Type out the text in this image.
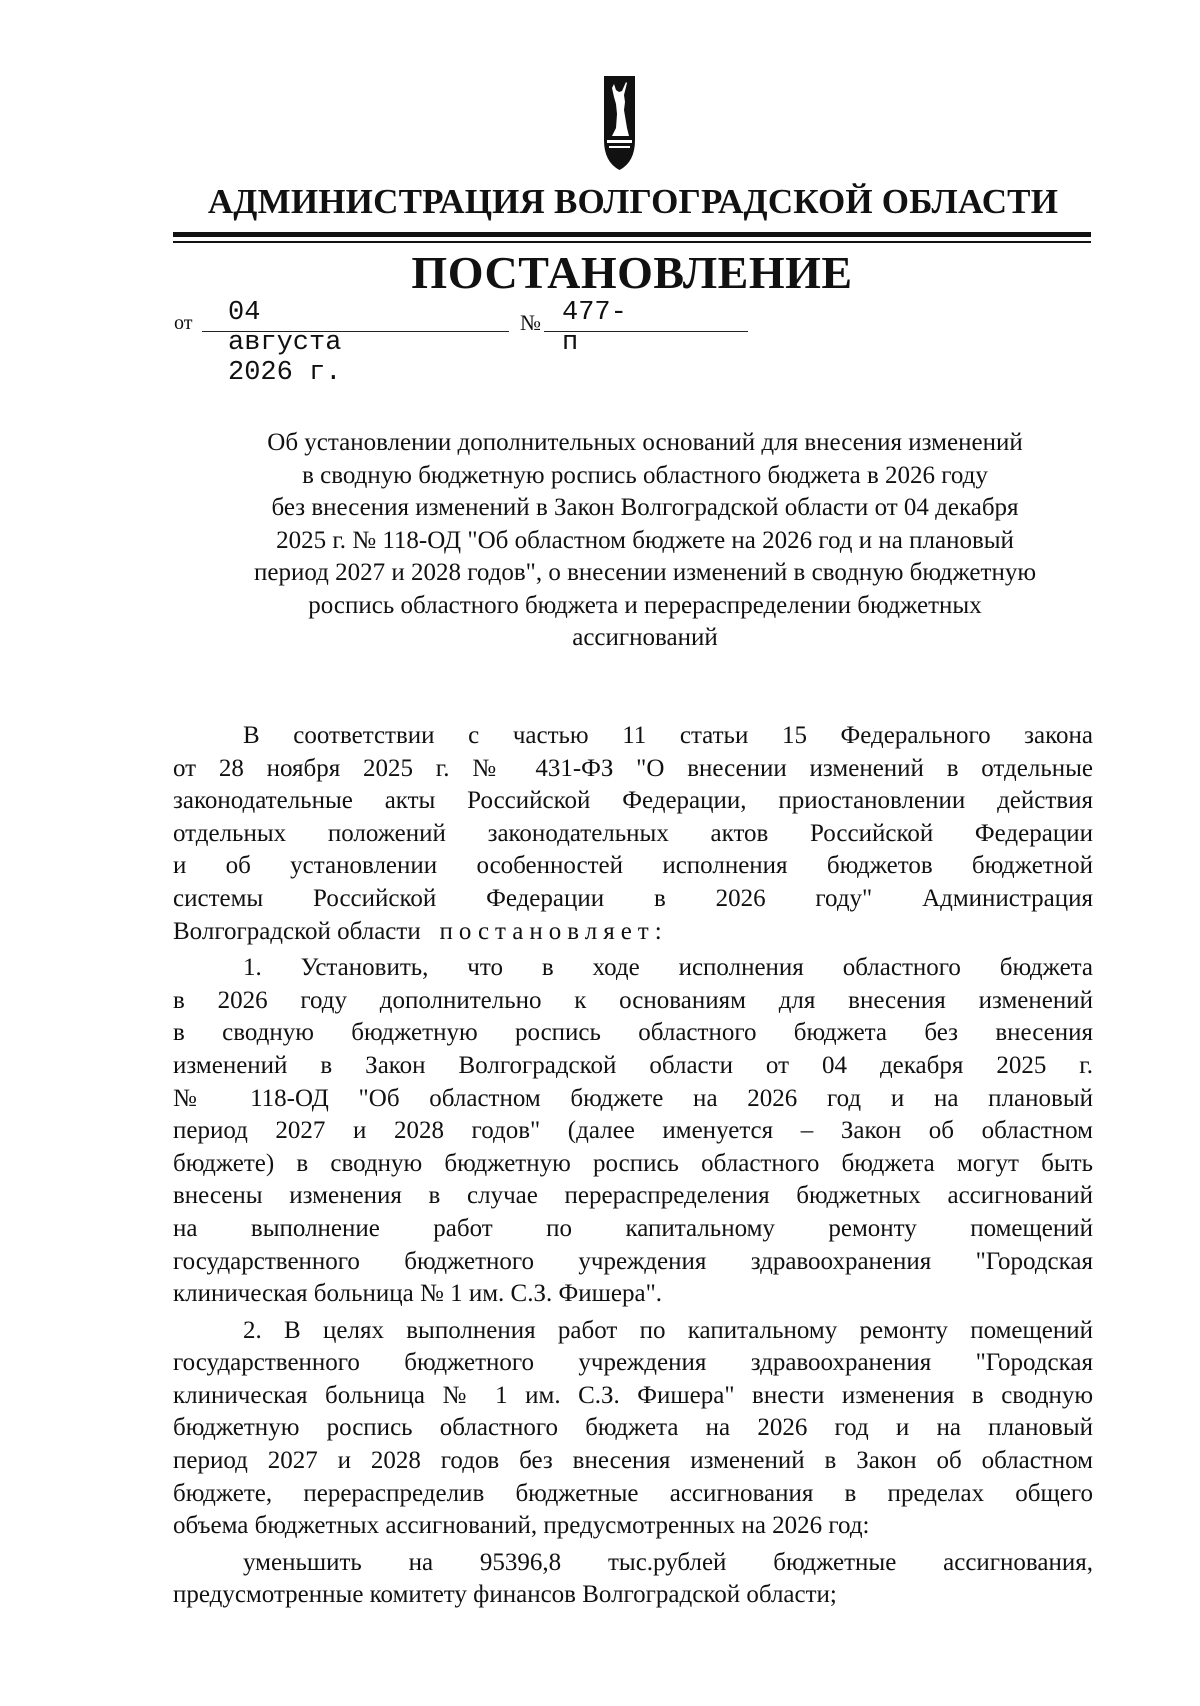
АДМИНИСТРАЦИЯ ВОЛГОГРАДСКОЙ ОБЛАСТИ
ПОСТАНОВЛЕНИЕ
от 04 августа 2026 г.
№ 477-п
Об установлении дополнительных оснований для внесения изменений
в сводную бюджетную роспись областного бюджета в 2026 году
без внесения изменений в Закон Волгоградской области от 04 декабря
2025 г. № 118-ОД "Об областном бюджете на 2026 год и на плановый
период 2027 и 2028 годов", о внесении изменений в сводную бюджетную
роспись областного бюджета и перераспределении бюджетных
ассигнований
В соответствии с частью 11 статьи 15 Федерального закона
от 28 ноября 2025 г. № 431-ФЗ "О внесении изменений в отдельные
законодательные акты Российской Федерации, приостановлении действия
отдельных положений законодательных актов Российской Федерации
и об установлении особенностей исполнения бюджетов бюджетной
системы Российской Федерации в 2026 году" Администрация
Волгоградской области постановляет:
1. Установить, что в ходе исполнения областного бюджета
в 2026 году дополнительно к основаниям для внесения изменений
в сводную бюджетную роспись областного бюджета без внесения
изменений в Закон Волгоградской области от 04 декабря 2025 г.
№ 118-ОД "Об областном бюджете на 2026 год и на плановый
период 2027 и 2028 годов" (далее именуется – Закон об областном
бюджете) в сводную бюджетную роспись областного бюджета могут быть
внесены изменения в случае перераспределения бюджетных ассигнований
на выполнение работ по капитальному ремонту помещений
государственного бюджетного учреждения здравоохранения "Городская
клиническая больница № 1 им. С.З. Фишера".
2. В целях выполнения работ по капитальному ремонту помещений
государственного бюджетного учреждения здравоохранения "Городская
клиническая больница № 1 им. С.З. Фишера" внести изменения в сводную
бюджетную роспись областного бюджета на 2026 год и на плановый
период 2027 и 2028 годов без внесения изменений в Закон об областном
бюджете, перераспределив бюджетные ассигнования в пределах общего
объема бюджетных ассигнований, предусмотренных на 2026 год:
уменьшить на 95396,8 тыс.рублей бюджетные ассигнования,
предусмотренные комитету финансов Волгоградской области;
